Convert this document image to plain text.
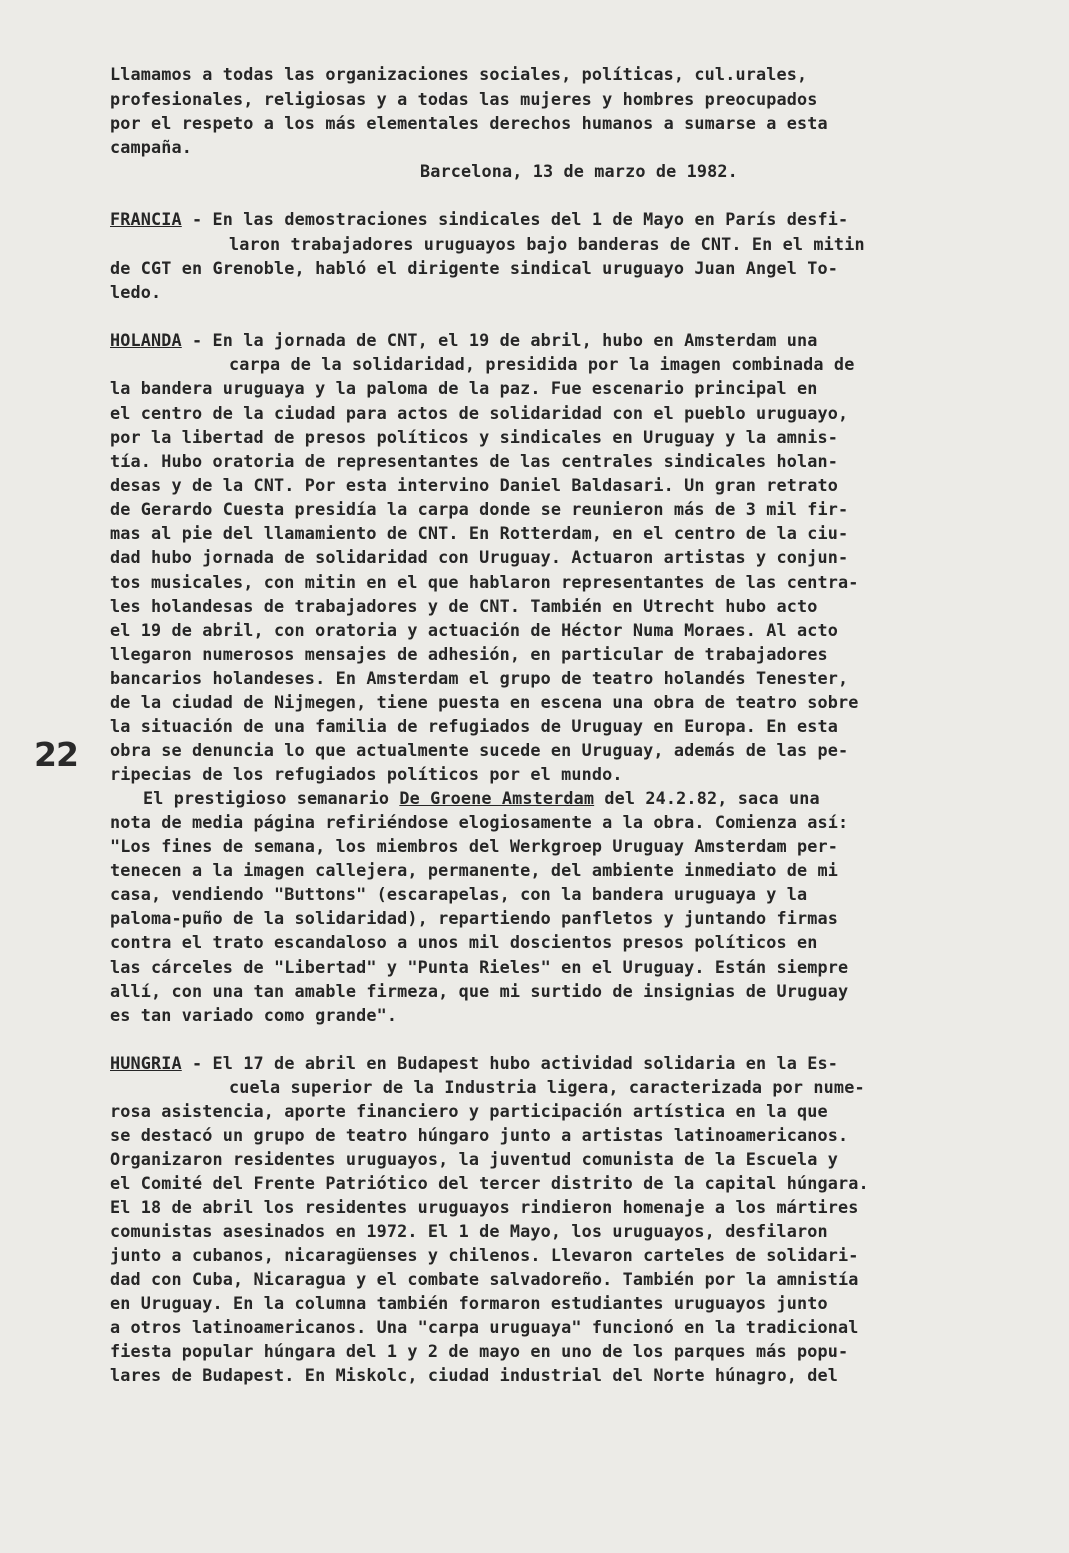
Llamamos a todas las organizaciones sociales, políticas, cul.urales,
profesionales, religiosas y a todas las mujeres y hombres preocupados
por el respeto a los más elementales derechos humanos a sumarse a esta
campaña.
Barcelona, 13 de marzo de 1982.
FRANCIA - En las demostraciones sindicales del 1 de Mayo en París desfi-
laron trabajadores uruguayos bajo banderas de CNT. En el mitin
de CGT en Grenoble, habló el dirigente sindical uruguayo Juan Angel To-
ledo.
HOLANDA - En la jornada de CNT, el 19 de abril, hubo en Amsterdam una
carpa de la solidaridad, presidida por la imagen combinada de
la bandera uruguaya y la paloma de la paz. Fue escenario principal en
el centro de la ciudad para actos de solidaridad con el pueblo uruguayo,
por la libertad de presos políticos y sindicales en Uruguay y la amnis-
tía. Hubo oratoria de representantes de las centrales sindicales holan-
desas y de la CNT. Por esta intervino Daniel Baldasari. Un gran retrato
de Gerardo Cuesta presidía la carpa donde se reunieron más de 3 mil fir-
mas al pie del llamamiento de CNT. En Rotterdam, en el centro de la ciu-
dad hubo jornada de solidaridad con Uruguay. Actuaron artistas y conjun-
tos musicales, con mitin en el que hablaron representantes de las centra-
les holandesas de trabajadores y de CNT. También en Utrecht hubo acto
el 19 de abril, con oratoria y actuación de Héctor Numa Moraes. Al acto
llegaron numerosos mensajes de adhesión, en particular de trabajadores
bancarios holandeses. En Amsterdam el grupo de teatro holandés Tenester,
de la ciudad de Nijmegen, tiene puesta en escena una obra de teatro sobre
la situación de una familia de refugiados de Uruguay en Europa. En esta
obra se denuncia lo que actualmente sucede en Uruguay, además de las pe-
ripecias de los refugiados políticos por el mundo.
El prestigioso semanario De Groene Amsterdam del 24.2.82, saca una
nota de media página refiriéndose elogiosamente a la obra. Comienza así:
"Los fines de semana, los miembros del Werkgroep Uruguay Amsterdam per-
tenecen a la imagen callejera, permanente, del ambiente inmediato de mi
casa, vendiendo "Buttons" (escarapelas, con la bandera uruguaya y la
paloma-puño de la solidaridad), repartiendo panfletos y juntando firmas
contra el trato escandaloso a unos mil doscientos presos políticos en
las cárceles de "Libertad" y "Punta Rieles" en el Uruguay. Están siempre
allí, con una tan amable firmeza, que mi surtido de insignias de Uruguay
es tan variado como grande".
HUNGRIA - El 17 de abril en Budapest hubo actividad solidaria en la Es-
cuela superior de la Industria ligera, caracterizada por nume-
rosa asistencia, aporte financiero y participación artística en la que
se destacó un grupo de teatro húngaro junto a artistas latinoamericanos.
Organizaron residentes uruguayos, la juventud comunista de la Escuela y
el Comité del Frente Patriótico del tercer distrito de la capital húngara.
El 18 de abril los residentes uruguayos rindieron homenaje a los mártires
comunistas asesinados en 1972. El 1 de Mayo, los uruguayos, desfilaron
junto a cubanos, nicaragüenses y chilenos. Llevaron carteles de solidari-
dad con Cuba, Nicaragua y el combate salvadoreño. También por la amnistía
en Uruguay. En la columna también formaron estudiantes uruguayos junto
a otros latinoamericanos. Una "carpa uruguaya" funcionó en la tradicional
fiesta popular húngara del 1 y 2 de mayo en uno de los parques más popu-
lares de Budapest. En Miskolc, ciudad industrial del Norte húnagro, del
22
